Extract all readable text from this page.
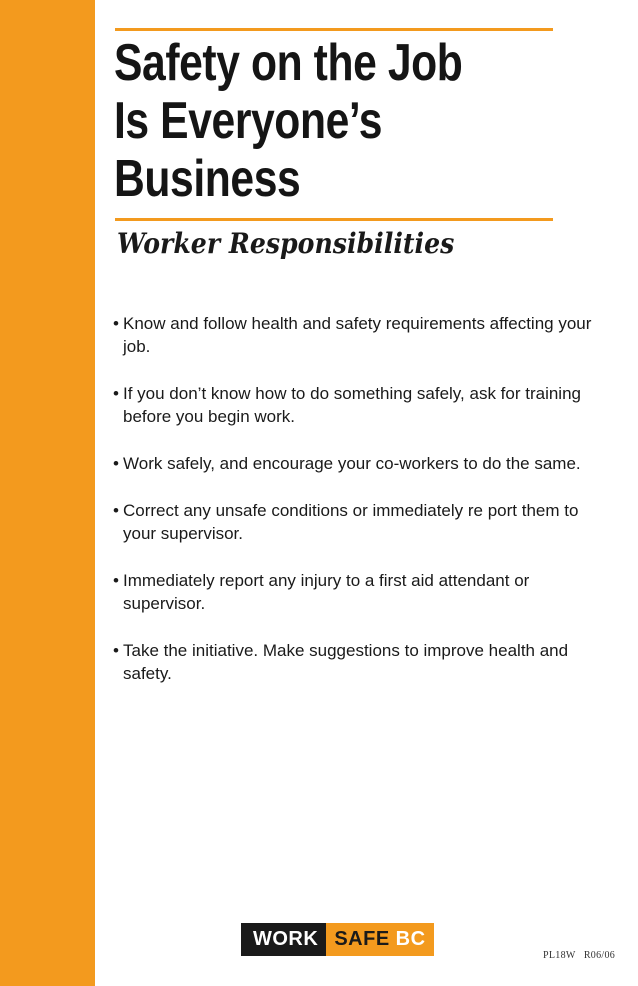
Safety on the Job
Is Everyone’s
Business
Worker Responsibilities
• Know and follow health and safety requirements affecting your job.
• If you don’t know how to do something safely, ask for training before you begin work.
• Work safely, and encourage your co-workers to do the same.
• Correct any unsafe conditions or immediately re port them to your supervisor.
• Immediately report any injury to a first aid attendant or supervisor.
• Take the initiative. Make suggestions to improve health and safety.
WORK SAFE BC
PL18W   R06/06
